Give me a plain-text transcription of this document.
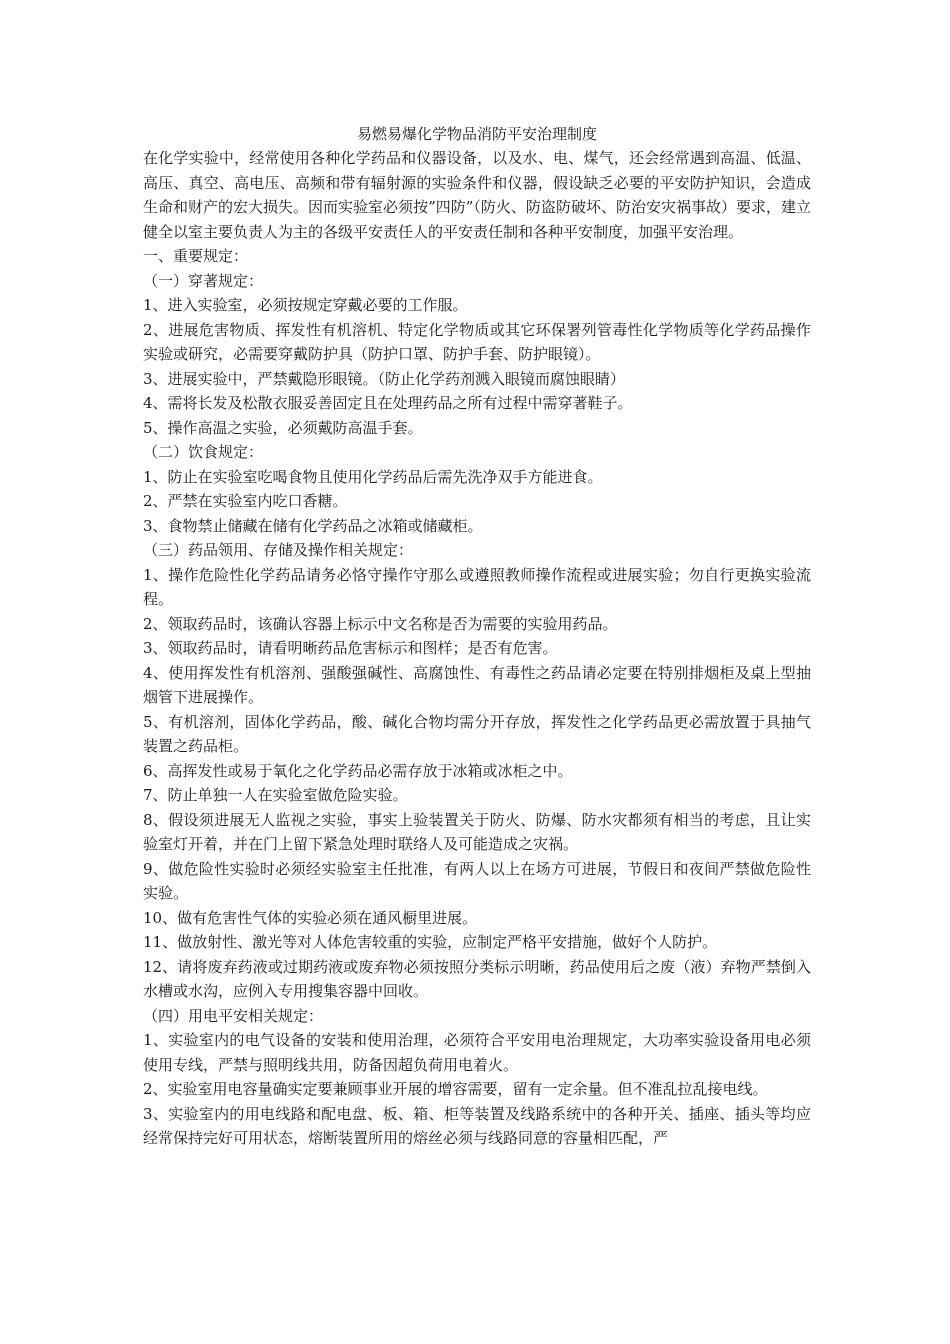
易燃易爆化学物品消防平安治理制度

在化学实验中，经常使用各种化学药品和仪器设备，以及水、电、煤气，还会经常遇到高温、低温、高压、真空、高电压、高频和带有辐射源的实验条件和仪器，假设缺乏必要的平安防护知识，会造成生命和财产的宏大损失。因而实验室必须按”四防”（防火、防盗防破坏、防治安灾祸事故）要求，建立健全以室主要负责人为主的各级平安责任人的平安责任制和各种平安制度，加强平安治理。

一、重要规定：

（一）穿著规定：

1、进入实验室，必须按规定穿戴必要的工作服。

2、进展危害物质、挥发性有机溶机、特定化学物质或其它环保署列管毒性化学物质等化学药品操作实验或研究，必需要穿戴防护具（防护口罩、防护手套、防护眼镜）。

3、进展实验中，严禁戴隐形眼镜。（防止化学药剂溅入眼镜而腐蚀眼睛）

4、需将长发及松散衣服妥善固定且在处理药品之所有过程中需穿著鞋子。

5、操作高温之实验，必须戴防高温手套。

（二）饮食规定：

1、防止在实验室吃喝食物且使用化学药品后需先洗净双手方能进食。

2、严禁在实验室内吃口香糖。

3、食物禁止储藏在储有化学药品之冰箱或储藏柜。

（三）药品领用、存储及操作相关规定：

1、操作危险性化学药品请务必恪守操作守那么或遵照教师操作流程或进展实验；勿自行更换实验流程。

2、领取药品时，该确认容器上标示中文名称是否为需要的实验用药品。

3、领取药品时，请看明晰药品危害标示和图样；是否有危害。

4、使用挥发性有机溶剂、强酸强碱性、高腐蚀性、有毒性之药品请必定要在特别排烟柜及桌上型抽烟管下进展操作。

5、有机溶剂，固体化学药品，酸、碱化合物均需分开存放，挥发性之化学药品更必需放置于具抽气装置之药品柜。

6、高挥发性或易于氧化之化学药品必需存放于冰箱或冰柜之中。

7、防止单独一人在实验室做危险实验。

8、假设须进展无人监视之实验，事实上验装置关于防火、防爆、防水灾都须有相当的考虑，且让实验室灯开着，并在门上留下紧急处理时联络人及可能造成之灾祸。

9、做危险性实验时必须经实验室主任批准，有两人以上在场方可进展，节假日和夜间严禁做危险性实验。

10、做有危害性气体的实验必须在通风橱里进展。

11、做放射性、激光等对人体危害较重的实验，应制定严格平安措施，做好个人防护。

12、请将废弃药液或过期药液或废弃物必须按照分类标示明晰，药品使用后之废（液）弃物严禁倒入水槽或水沟，应例入专用搜集容器中回收。

（四）用电平安相关规定：

1、实验室内的电气设备的安装和使用治理，必须符合平安用电治理规定，大功率实验设备用电必须使用专线，严禁与照明线共用，防备因超负荷用电着火。

2、实验室用电容量确实定要兼顾事业开展的增容需要，留有一定余量。但不准乱拉乱接电线。

3、实验室内的用电线路和配电盘、板、箱、柜等装置及线路系统中的各种开关、插座、插头等均应经常保持完好可用状态，熔断装置所用的熔丝必须与线路同意的容量相匹配，严
